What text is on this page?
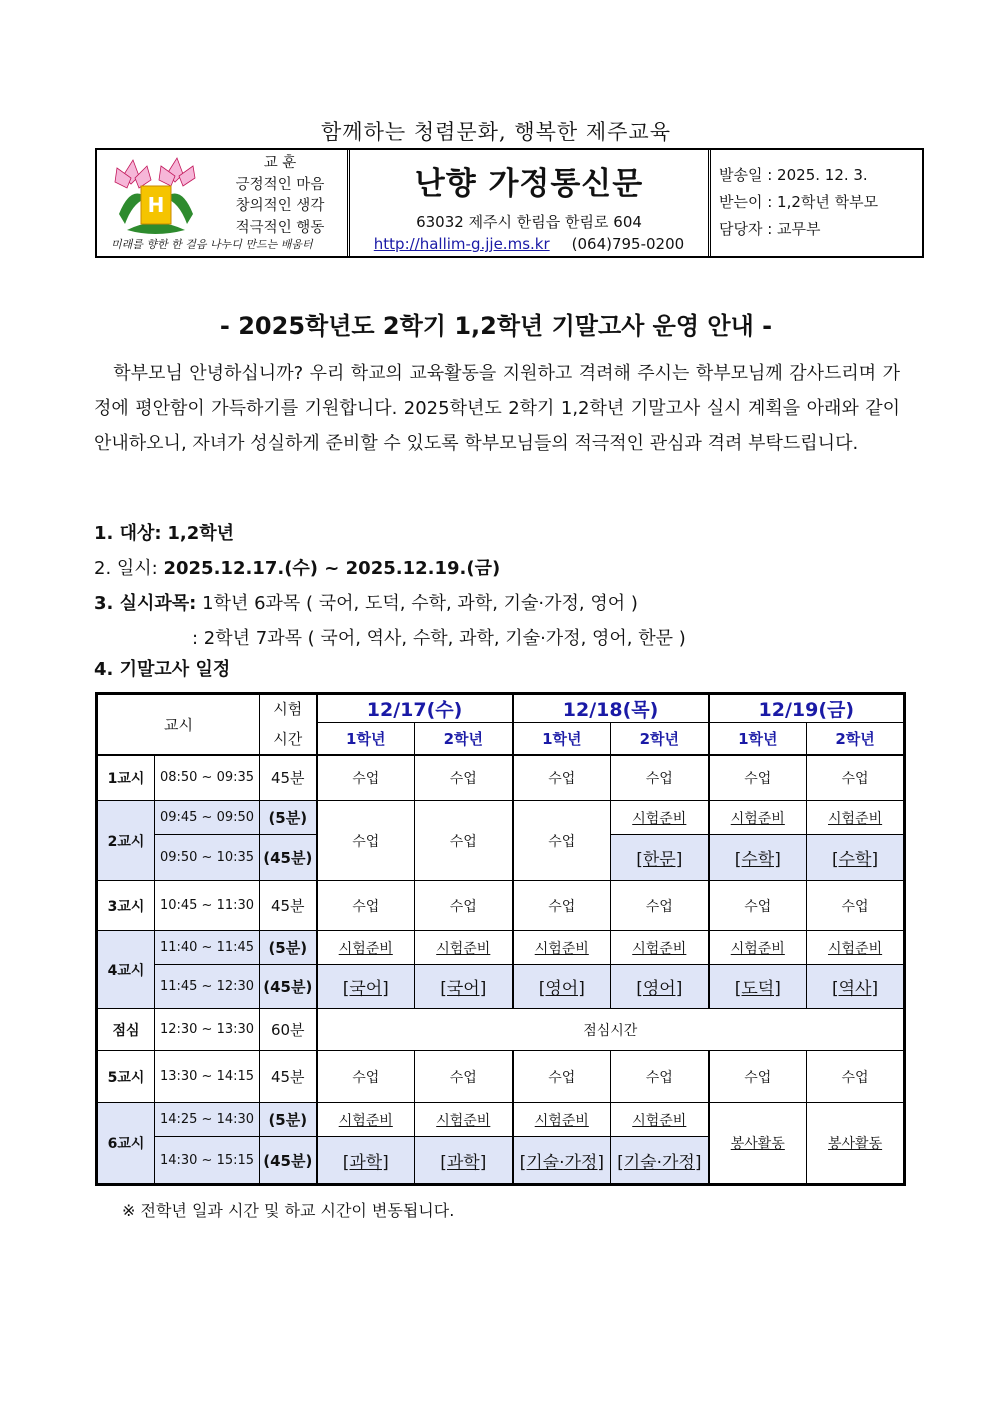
함께하는 청렴문화, 행복한 제주교육
H
교 훈
긍정적인 마음
창의적인 생각
적극적인 행동
미래를 향한 한 걸음 나누디 만드는 배움터
난향 가정통신문
63032 제주시 한림읍 한림로 604
http://hallim-g.jje.ms.kr (064)795-0200
발송일 : 2025. 12. 3.
받는이 : 1,2학년 학부모
담당자 : 교무부
- 2025학년도 2학기 1,2학년 기말고사 운영 안내 -
학부모님 안녕하십니까? 우리 학교의 교육활동을 지원하고 격려해 주시는 학부모님께 감사드리며 가정에 평안함이 가득하기를 기원합니다. 2025학년도 2학기 1,2학년 기말고사 실시 계획을 아래와 같이 안내하오니, 자녀가 성실하게 준비할 수 있도록 학부모님들의 적극적인 관심과 격려 부탁드립니다.
1. 대상: 1,2학년
2. 일시: 2025.12.17.(수) ~ 2025.12.19.(금)
3. 실시과목: 1학년 6과목 ( 국어, 도덕, 수학, 과학, 기술·가정, 영어 )
: 2학년 7과목 ( 국어, 역사, 수학, 과학, 기술·가정, 영어, 한문 )
4. 기말고사 일정
교시		시험	12/17(수)		12/18(목)		12/19(금)	
		시간	1학년	2학년	1학년	2학년	1학년	2학년
1교시	08:50 ~ 09:35	45분	수업	수업	수업	수업	수업	수업
2교시	09:45 ~ 09:50	(5분)	수업	수업	수업	시험준비	시험준비	시험준비
	09:50 ~ 10:35	(45분)				[한문]	[수학]	[수학]
3교시	10:45 ~ 11:30	45분	수업	수업	수업	수업	수업	수업
4교시	11:40 ~ 11:45	(5분)	시험준비	시험준비	시험준비	시험준비	시험준비	시험준비
	11:45 ~ 12:30	(45분)	[국어]	[국어]	[영어]	[영어]	[도덕]	[역사]
점심	12:30 ~ 13:30	60분	점심시간					
5교시	13:30 ~ 14:15	45분	수업	수업	수업	수업	수업	수업
6교시	14:25 ~ 14:30	(5분)	시험준비	시험준비	시험준비	시험준비	봉사활동	봉사활동
	14:30 ~ 15:15	(45분)	[과학]	[과학]	[기술·가정]	[기술·가정]		
※ 전학년 일과 시간 및 하교 시간이 변동됩니다.
